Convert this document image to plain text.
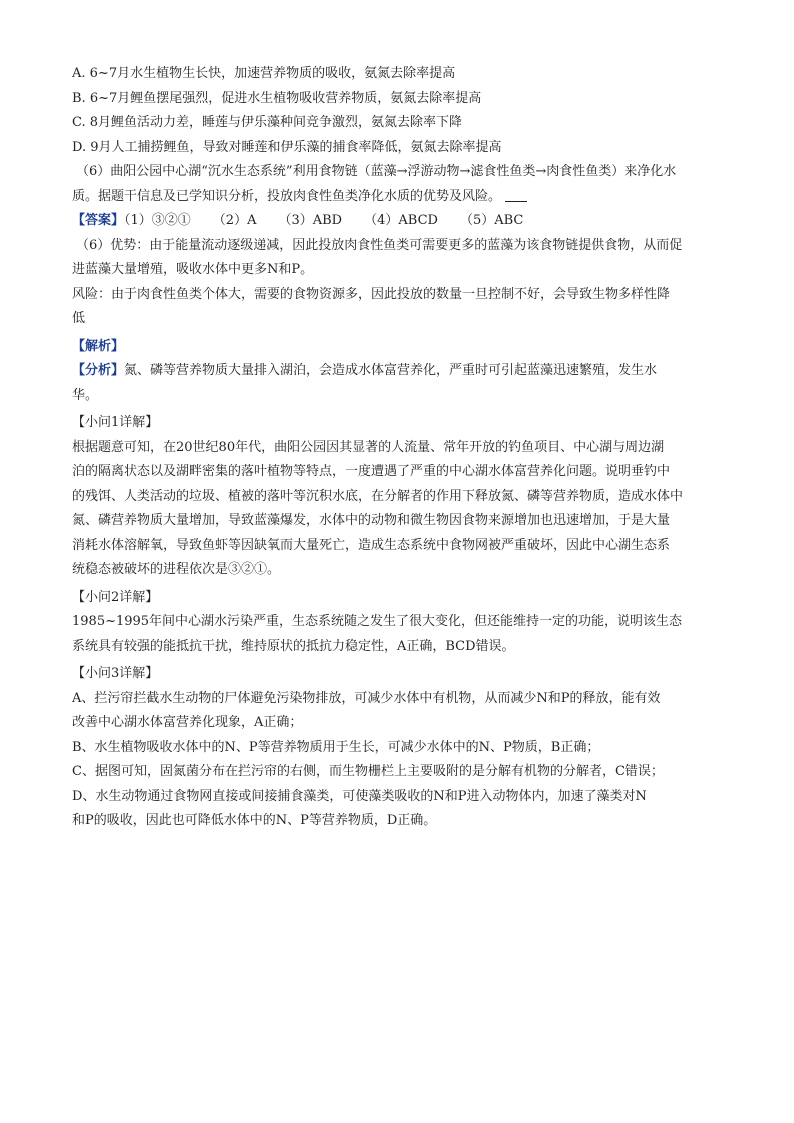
A. 6~7月水生植物生长快，加速营养物质的吸收，氨氮去除率提高

B. 6~7月鲤鱼摆尾强烈，促进水生植物吸收营养物质，氨氮去除率提高

C. 8月鲤鱼活动力差，睡莲与伊乐藻种间竞争激烈，氨氮去除率下降

D. 9月人工捕捞鲤鱼，导致对睡莲和伊乐藻的捕食率降低，氨氮去除率提高

（6）曲阳公园中心湖“沉水生态系统”利用食物链（蓝藻→浮游动物→滤食性鱼类→肉食性鱼类）来净化水

质。据题干信息及已学知识分析，投放肉食性鱼类净化水质的优势及风险。

【答案】（1）③②① （2）A （3）ABD （4）ABCD （5）ABC

（6）优势：由于能量流动逐级递减，因此投放肉食性鱼类可需要更多的蓝藻为该食物链提供食物，从而促

进蓝藻大量增殖，吸收水体中更多N和P。

风险：由于肉食性鱼类个体大，需要的食物资源多，因此投放的数量一旦控制不好，会导致生物多样性降

低

【解析】

【分析】氮、磷等营养物质大量排入湖泊，会造成水体富营养化，严重时可引起蓝藻迅速繁殖，发生水

华。

【小问1详解】

根据题意可知，在20世纪80年代，曲阳公园因其显著的人流量、常年开放的钓鱼项目、中心湖与周边湖

泊的隔离状态以及湖畔密集的落叶植物等特点，一度遭遇了严重的中心湖水体富营养化问题。说明垂钓中

的残饵、人类活动的垃圾、植被的落叶等沉积水底，在分解者的作用下释放氮、磷等营养物质，造成水体中

氮、磷营养物质大量增加，导致蓝藻爆发，水体中的动物和微生物因食物来源增加也迅速增加，于是大量

消耗水体溶解氧，导致鱼虾等因缺氧而大量死亡，造成生态系统中食物网被严重破坏，因此中心湖生态系

统稳态被破坏的进程依次是③②①。

【小问2详解】

1985~1995年间中心湖水污染严重，生态系统随之发生了很大变化，但还能维持一定的功能，说明该生态

系统具有较强的能抵抗干扰，维持原状的抵抗力稳定性，A正确，BCD错误。

【小问3详解】

A、拦污帘拦截水生动物的尸体避免污染物排放，可减少水体中有机物，从而减少N和P的释放，能有效

改善中心湖水体富营养化现象，A正确；

B、水生植物吸收水体中的N、P等营养物质用于生长，可减少水体中的N、P物质，B正确；

C、据图可知，固氮菌分布在拦污帘的右侧，而生物栅栏上主要吸附的是分解有机物的分解者，C错误；

D、水生动物通过食物网直接或间接捕食藻类，可使藻类吸收的N和P进入动物体内，加速了藻类对N

和P的吸收，因此也可降低水体中的N、P等营养物质，D正确。
